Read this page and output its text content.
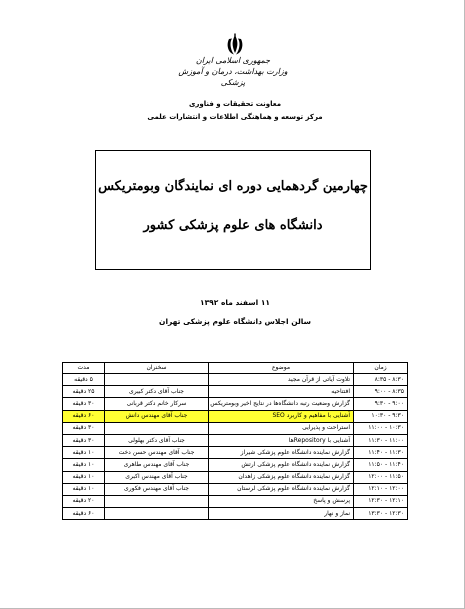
جمهوری اسلامی ایران
وزارت بهداشت، درمان و آموزش پزشکی
معاونت تحقیقات و فناوری
مرکز توسعه و هماهنگی اطلاعات و انتشارات علمی
چهارمین گردهمایی دوره ای نمایندگان وبومتریکس
دانشگاه های علوم پزشکی کشور
۱۱ اسفند ماه ۱۳۹۲
سالن اجلاس دانشگاه علوم پزشکی تهران
زمان	موضوع	سخنران	مدت
۸:۳۵ - ۸:۳۰	تلاوت آیاتی از قرآن مجید		۵ دقیقه
۹:۰۰ - ۸:۳۵	افتتاحیه	جناب آقای دکتر کبیری	۲۵ دقیقه
۹:۳۰ - ۹:۰۰	گزارش وضعیت رتبه دانشگاه‌ها در نتایج اخیر وبومتریکس	سرکار خانم دکتر قربانی	۳۰ دقیقه
۱۰:۳۰ - ۹:۳۰	آشنایی با مفاهیم و کاربرد SEO	جناب آقای مهندس دانش	۶۰ دقیقه
۱۱:۰۰ - ۱۰:۳۰	استراحت و پذیرایی		۳۰ دقیقه
۱۱:۳۰ - ۱۱:۰۰	آشنایی با Repositoryها	جناب آقای دکتر بهلولی	۳۰ دقیقه
۱۱:۴۰ - ۱۱:۳۰	گزارش نماینده دانشگاه علوم پزشکی شیراز	جناب آقای مهندس حسن دخت	۱۰ دقیقه
۱۱:۵۰ - ۱۱:۴۰	گزارش نماینده دانشگاه علوم پزشکی ارتش	جناب آقای مهندس طاهری	۱۰ دقیقه
۱۲:۰۰ - ۱۱:۵۰	گزارش نماینده دانشگاه علوم پزشکی زاهدان	جناب آقای مهندس اکبری	۱۰ دقیقه
۱۲:۱۰ - ۱۲:۰۰	گزارش نماینده دانشگاه علوم پزشکی لرستان	جناب آقای مهندس فکوری	۱۰ دقیقه
۱۲:۳۰ - ۱۲:۱۰	پرسش و پاسخ		۲۰ دقیقه
۱۳:۳۰ - ۱۲:۳۰	نماز و نهار		۶۰ دقیقه
